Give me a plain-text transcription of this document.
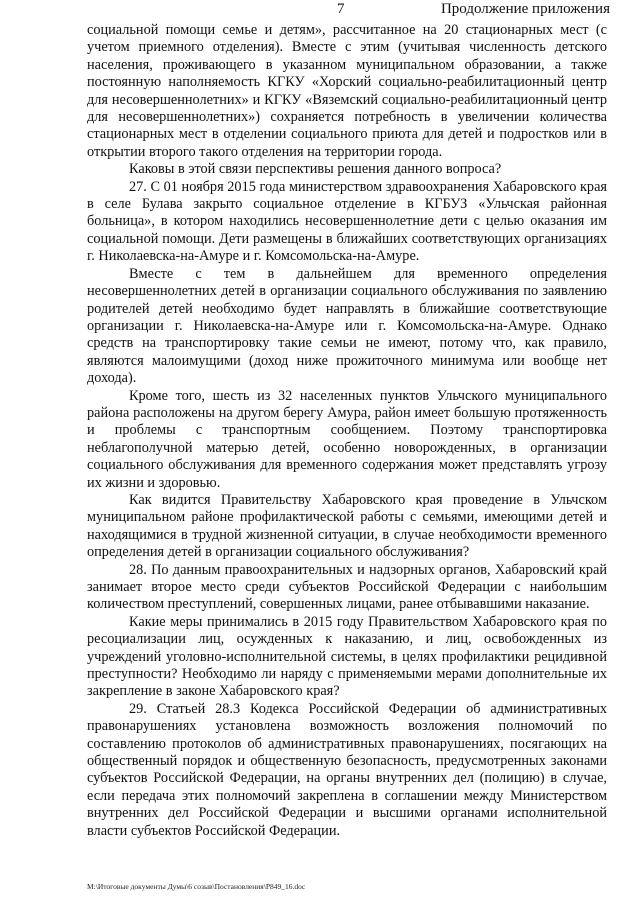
7	Продолжение приложения

социальной помощи семье и детям», рассчитанное на 20 стационарных мест (с учетом приемного отделения). Вместе с этим (учитывая численность детского населения, проживающего в указанном муниципальном образовании, а также постоянную наполняемость КГКУ «Хорский социально-реабилитационный центр для несовершеннолетних» и КГКУ «Вяземский социально-реабилитационный центр для несовершеннолетних») сохраняется потребность в увеличении количества стационарных мест в отделении социального приюта для детей и подростков или в открытии второго такого отделения на территории города.

Каковы в этой связи перспективы решения данного вопроса?

27. С 01 ноября 2015 года министерством здравоохранения Хабаровского края в селе Булава закрыто социальное отделение в КГБУЗ «Ульчская районная больница», в котором находились несовершеннолетние дети с целью оказания им социальной помощи. Дети размещены в ближайших соответствующих организациях г. Николаевска-на-Амуре и г. Комсомольска-на-Амуре.

Вместе с тем в дальнейшем для временного определения несовершеннолетних детей в организации социального обслуживания по заявлению родителей детей необходимо будет направлять в ближайшие соответствующие организации г. Николаевска-на-Амуре или г. Комсомольска-на-Амуре. Однако средств на транспортировку такие семьи не имеют, потому что, как правило, являются малоимущими (доход ниже прожиточного минимума или вообще нет дохода).

Кроме того, шесть из 32 населенных пунктов Ульчского муниципального района расположены на другом берегу Амура, район имеет большую протяженность и проблемы с транспортным сообщением. Поэтому транспортировка неблагополучной матерью детей, особенно новорожденных, в организации социального обслуживания для временного содержания может представлять угрозу их жизни и здоровью.

Как видится Правительству Хабаровского края проведение в Ульчском муниципальном районе профилактической работы с семьями, имеющими детей и находящимися в трудной жизненной ситуации, в случае необходимости временного определения детей в организации социального обслуживания?

28. По данным правоохранительных и надзорных органов, Хабаровский край занимает второе место среди субъектов Российской Федерации с наибольшим количеством преступлений, совершенных лицами, ранее отбывавшими наказание.

Какие меры принимались в 2015 году Правительством Хабаровского края по ресоциализации лиц, осужденных к наказанию, и лиц, освобожденных из учреждений уголовно-исполнительной системы, в целях профилактики рецидивной преступности? Необходимо ли наряду с применяемыми мерами дополнительные их закрепление в законе Хабаровского края?

29. Статьей 28.3 Кодекса Российской Федерации об административных правонарушениях установлена возможность возложения полномочий по составлению протоколов об административных правонарушениях, посягающих на общественный порядок и общественную безопасность, предусмотренных законами субъектов Российской Федерации, на органы внутренних дел (полицию) в случае, если передача этих полномочий закреплена в соглашении между Министерством внутренних дел Российской Федерации и высшими органами исполнительной власти субъектов Российской Федерации.

М:\Итоговые документы Думы\6 созыв\Постановления\Р849_16.doc
